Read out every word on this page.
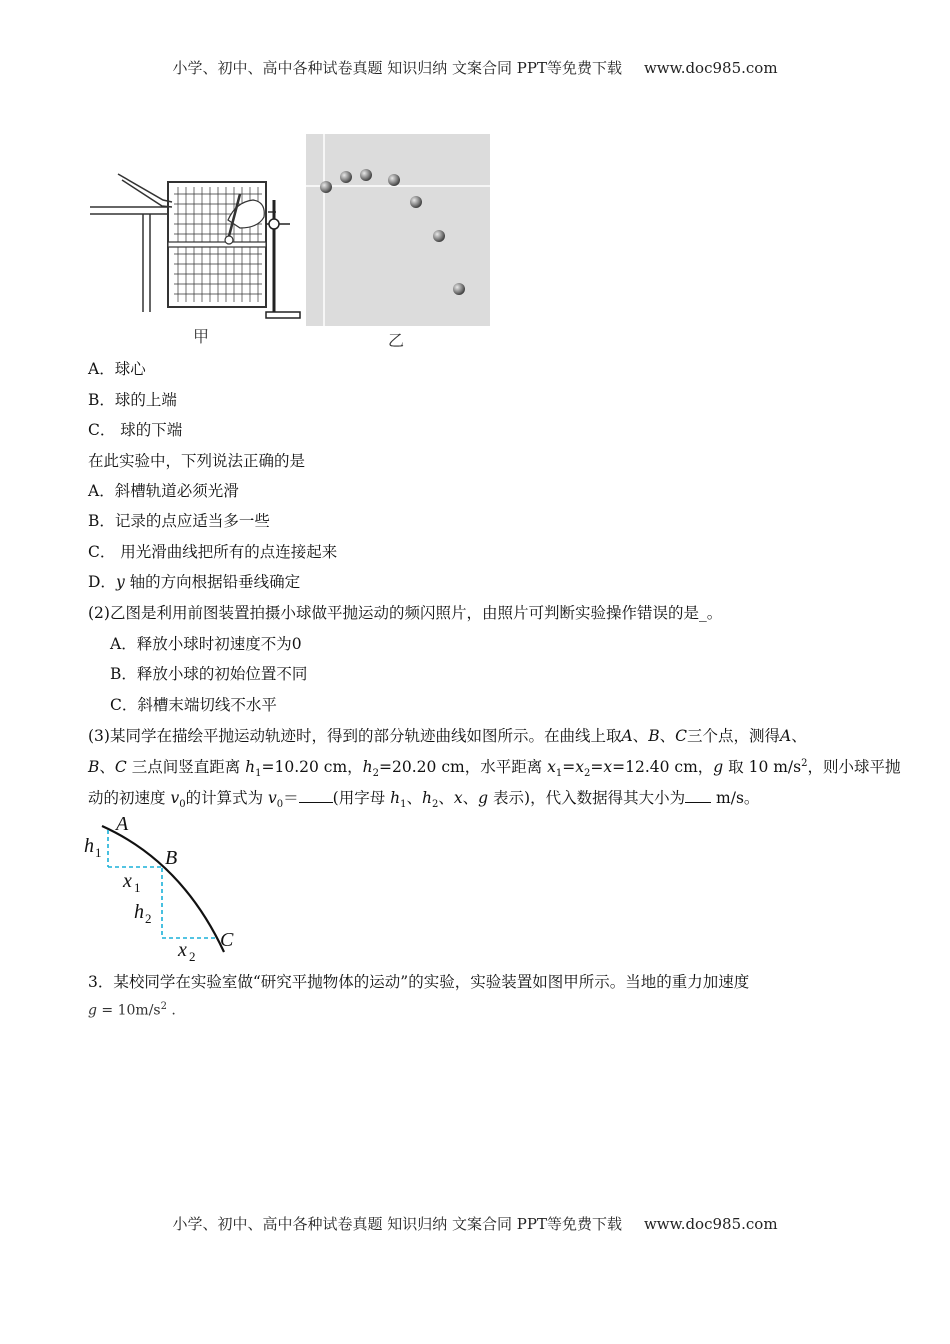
小学、初中、高中各种试卷真题 知识归纳 文案合同 PPT等免费下载 www.doc985.com
甲	乙
A．球心
B．球的上端
C． 球的下端
在此实验中，下列说法正确的是
A．斜槽轨道必须光滑
B．记录的点应适当多一些
C． 用光滑曲线把所有的点连接起来
D．y 轴的方向根据铅垂线确定
(2)乙图是利用前图装置拍摄小球做平抛运动的频闪照片，由照片可判断实验操作错误的是_。
A．释放小球时初速度不为0
B．释放小球的初始位置不同
C．斜槽末端切线不水平
(3)某同学在描绘平抛运动轨迹时，得到的部分轨迹曲线如图所示。在曲线上取A、B、C三个点，测得A、
B、C 三点间竖直距离 $h_1=10.20$ cm，$h_2=20.20$ cm，水平距离 $x_1=x_2=x=12.40$ cm，g 取 10 $m/s^2$，则小球平抛
动的初速度 $v_0$的计算式为 $v_0=$ (用字母 $h_1$、$h_2$、x、g 表示)，代入数据得其大小为 m/s。
A
B
C
h 1
x 1
h 2
x 2
3．某校同学在实验室做“研究平抛物体的运动”的实验，实验装置如图甲所示。当地的重力加速度
$g = 10m/s^2$ .
小学、初中、高中各种试卷真题 知识归纳 文案合同 PPT等免费下载 www.doc985.com
